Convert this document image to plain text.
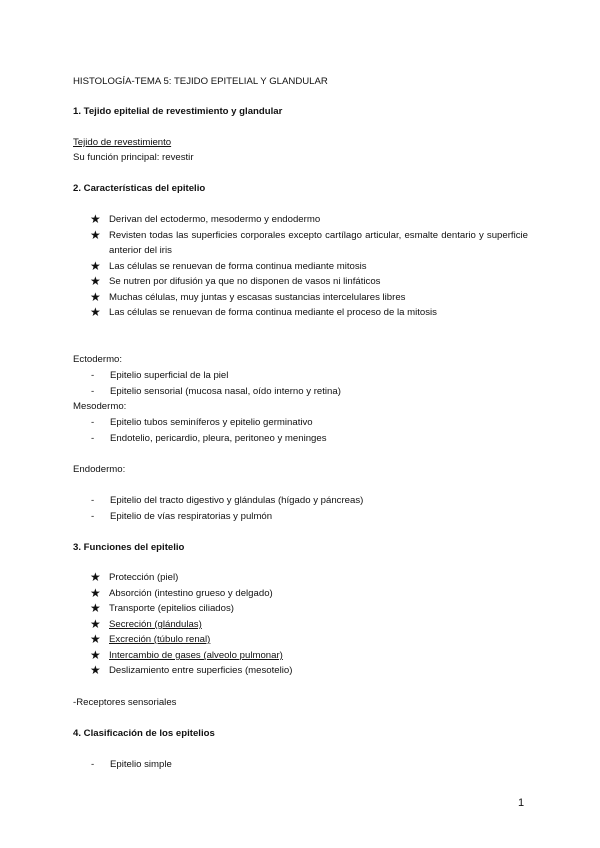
HISTOLOGÍA-TEMA 5: TEJIDO EPITELIAL Y GLANDULAR
1. Tejido epitelial de revestimiento y glandular
Tejido de revestimiento
Su función principal: revestir
2. Características del epitelio
★ Derivan del ectodermo, mesodermo y endodermo
★ Revisten todas las superficies corporales excepto cartílago articular, esmalte dentario y superficie anterior del iris
★ Las células se renuevan de forma continua mediante mitosis
★ Se nutren por difusión ya que no disponen de vasos ni linfáticos
★ Muchas células, muy juntas y escasas sustancias intercelulares libres
★ Las células se renuevan de forma continua mediante el proceso de la mitosis
Ectodermo:
- Epitelio superficial de la piel
- Epitelio sensorial (mucosa nasal, oído interno y retina)
Mesodermo:
- Epitelio tubos seminíferos y epitelio germinativo
- Endotelio, pericardio, pleura, peritoneo y meninges
Endodermo:
- Epitelio del tracto digestivo y glándulas (hígado y páncreas)
- Epitelio de vías respiratorias y pulmón
3. Funciones del epitelio
★ Protección (piel)
★ Absorción (intestino grueso y delgado)
★ Transporte (epitelios ciliados)
★ Secreción (glándulas)
★ Excreción (túbulo renal)
★ Intercambio de gases (alveolo pulmonar)
★ Deslizamiento entre superficies (mesotelio)
-Receptores sensoriales
4. Clasificación de los epitelios
- Epitelio simple
1
